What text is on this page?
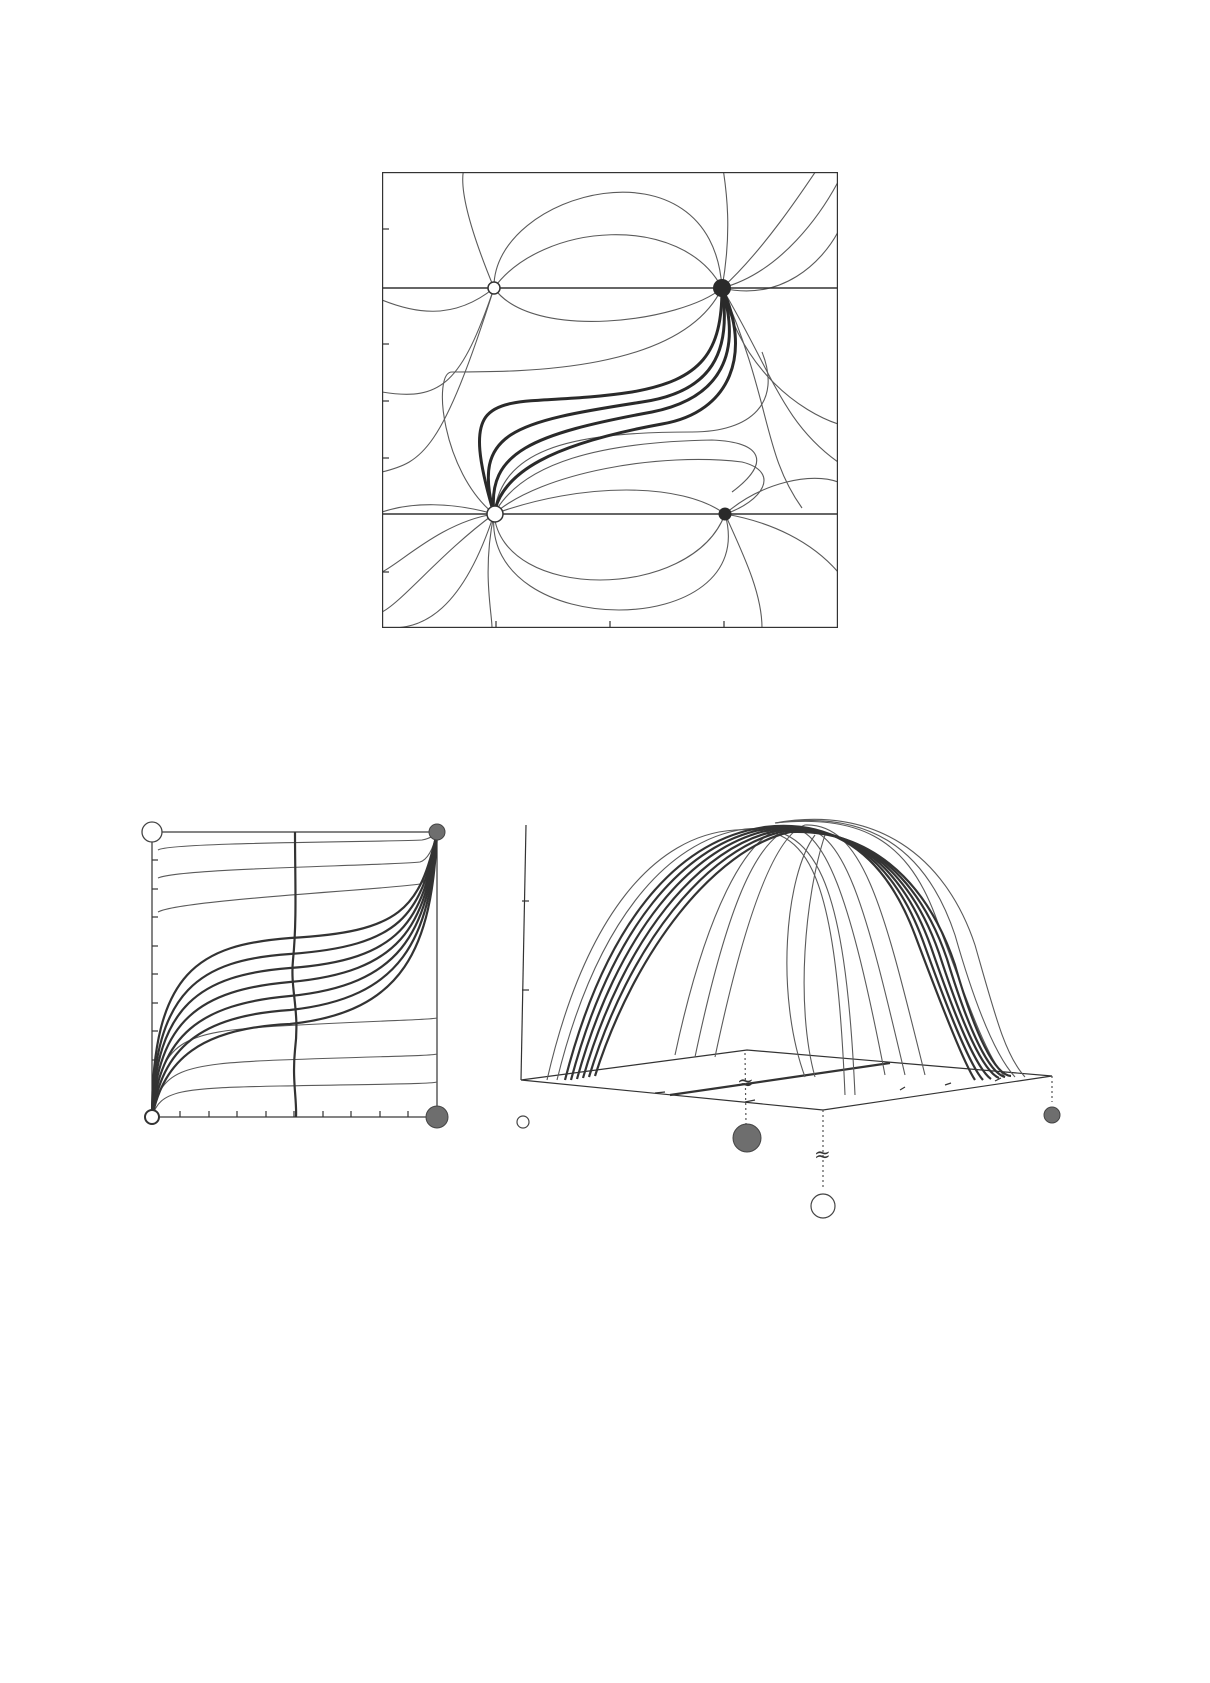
≈
≈
